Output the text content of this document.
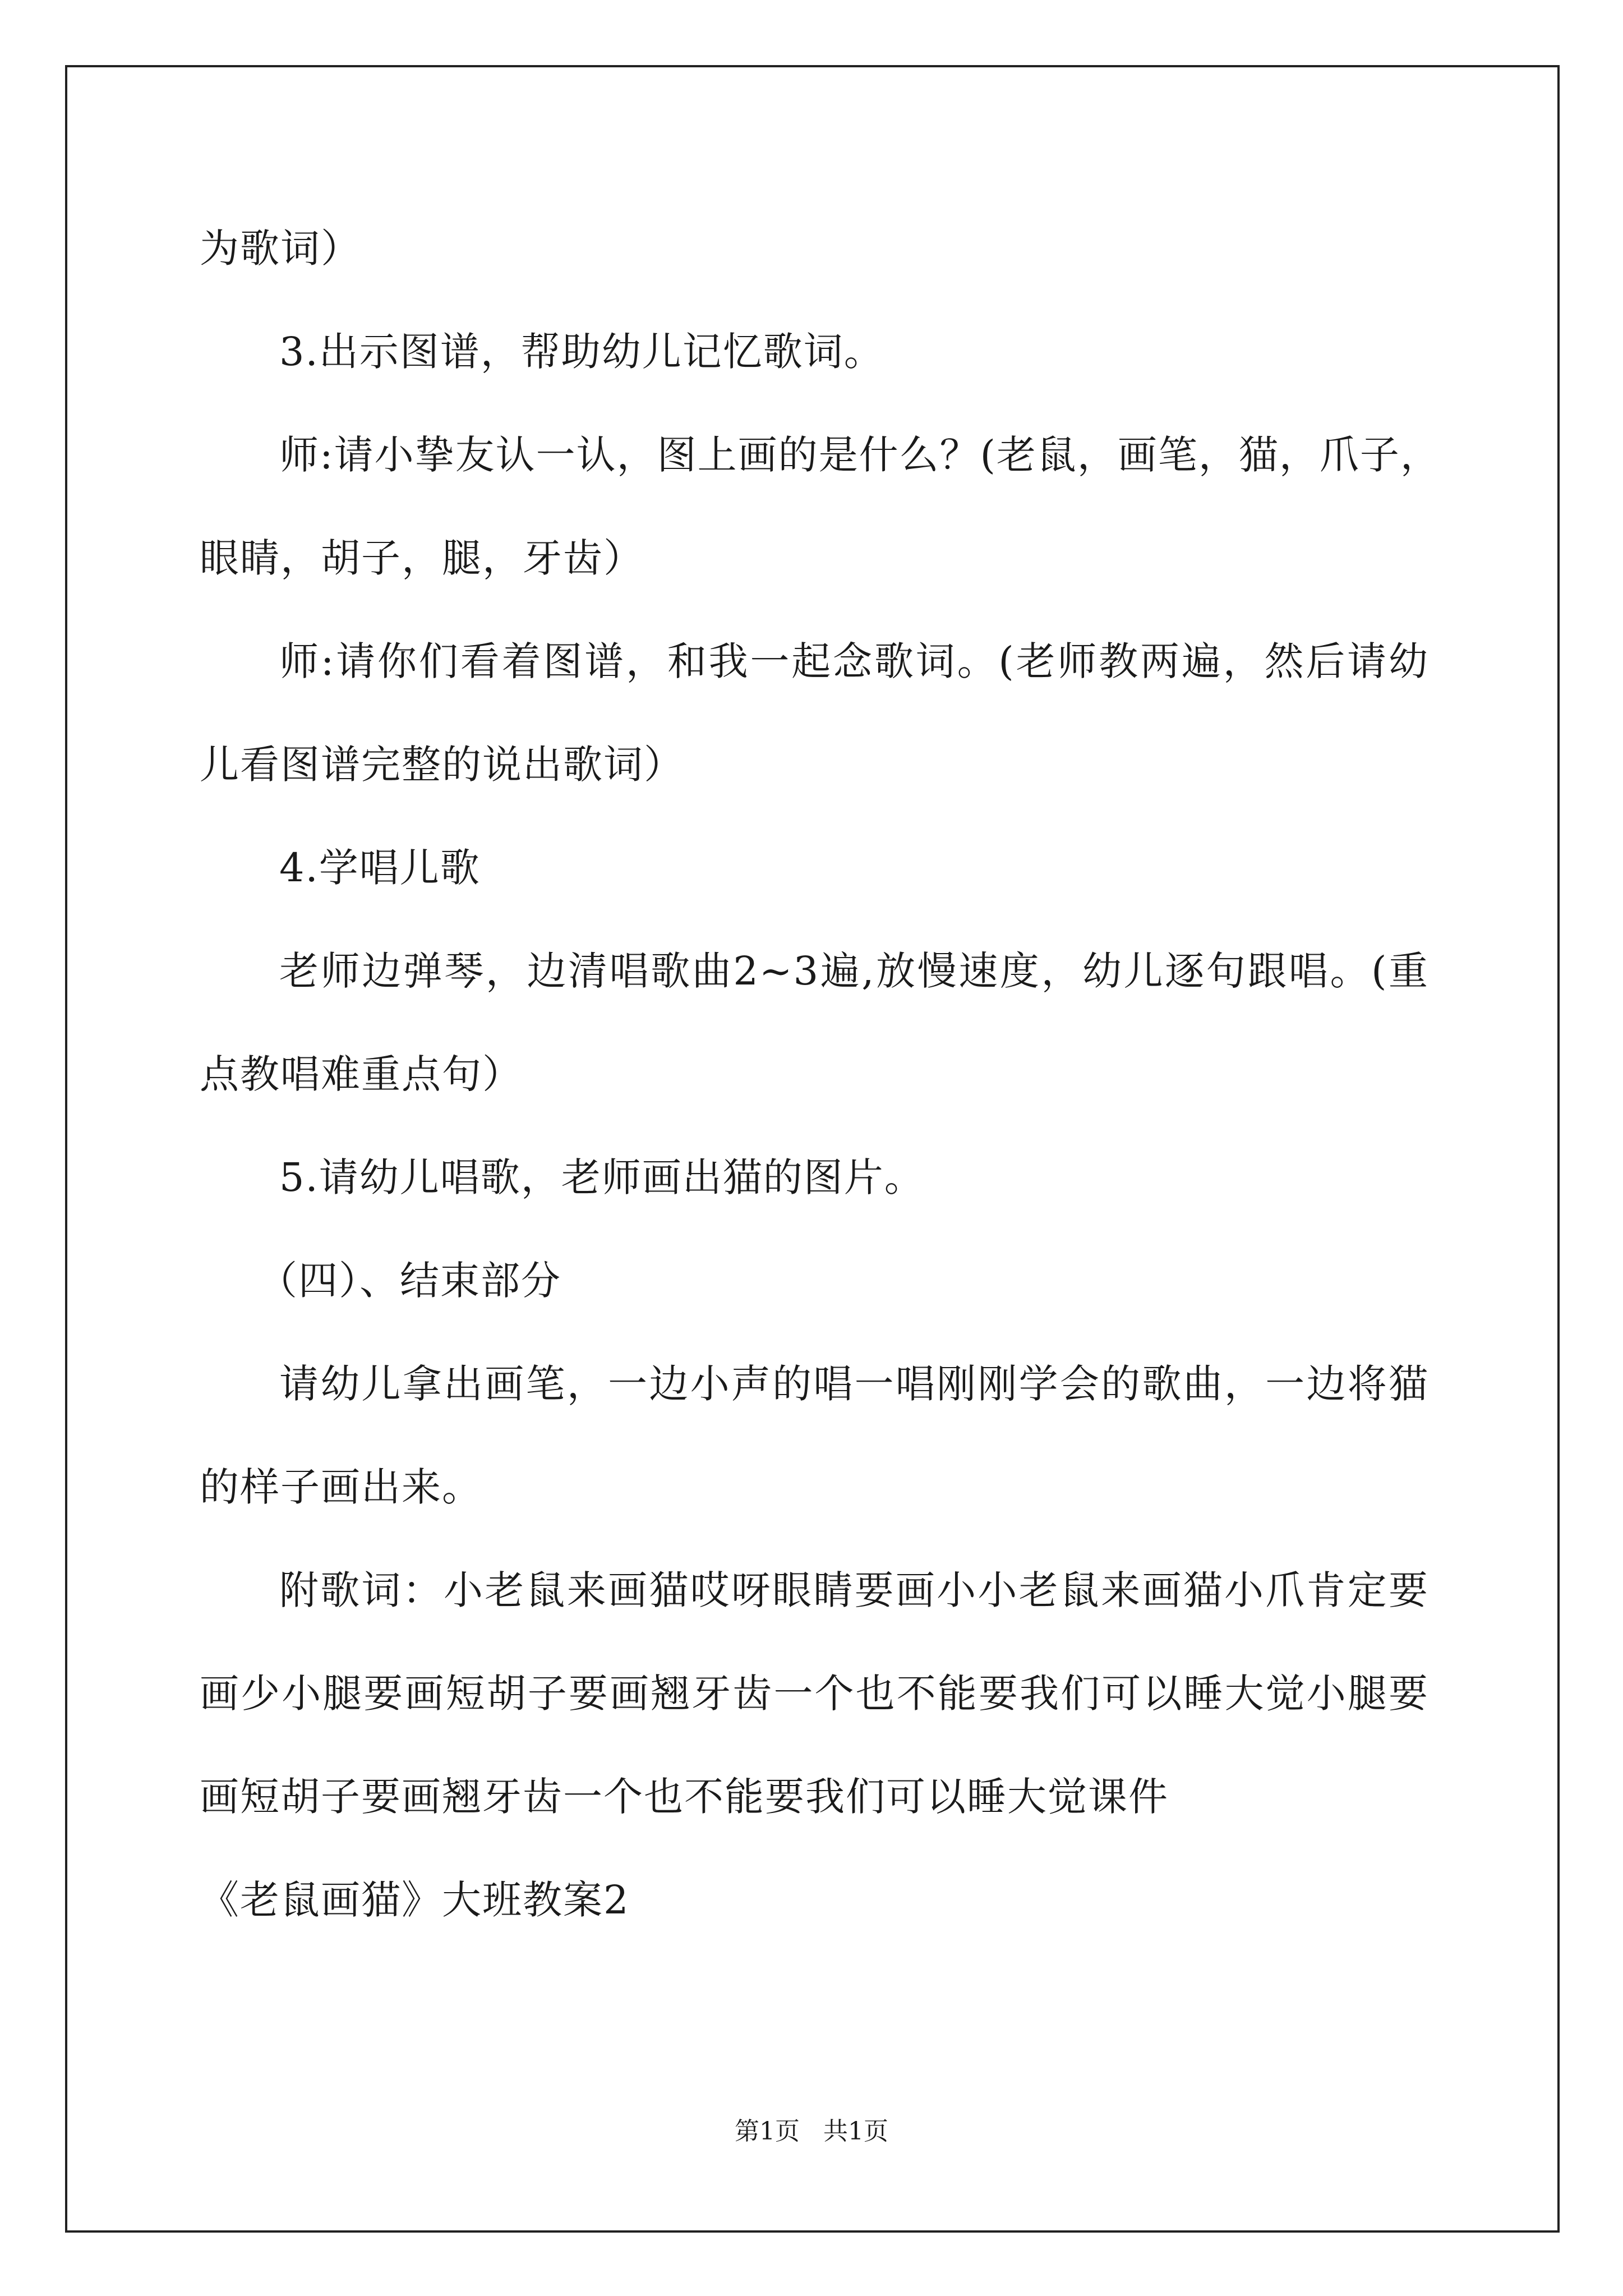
为歌词）
3.出示图谱，帮助幼儿记忆歌词。
师:请小挚友认一认，图上画的是什么？(老鼠，画笔，猫，爪子，
眼睛，胡子，腿，牙齿）
师:请你们看着图谱，和我一起念歌词。(老师教两遍，然后请幼
儿看图谱完整的说出歌词）
4.学唱儿歌
老师边弹琴，边清唱歌曲2~3遍,放慢速度，幼儿逐句跟唱。(重
点教唱难重点句）
5.请幼儿唱歌，老师画出猫的图片。
（四）、结束部分
请幼儿拿出画笔，一边小声的唱一唱刚刚学会的歌曲，一边将猫
的样子画出来。
附歌词：小老鼠来画猫哎呀眼睛要画小小老鼠来画猫小爪肯定要
画少小腿要画短胡子要画翘牙齿一个也不能要我们可以睡大觉小腿要
画短胡子要画翘牙齿一个也不能要我们可以睡大觉课件
《老鼠画猫》大班教案2
第1页   共1页
